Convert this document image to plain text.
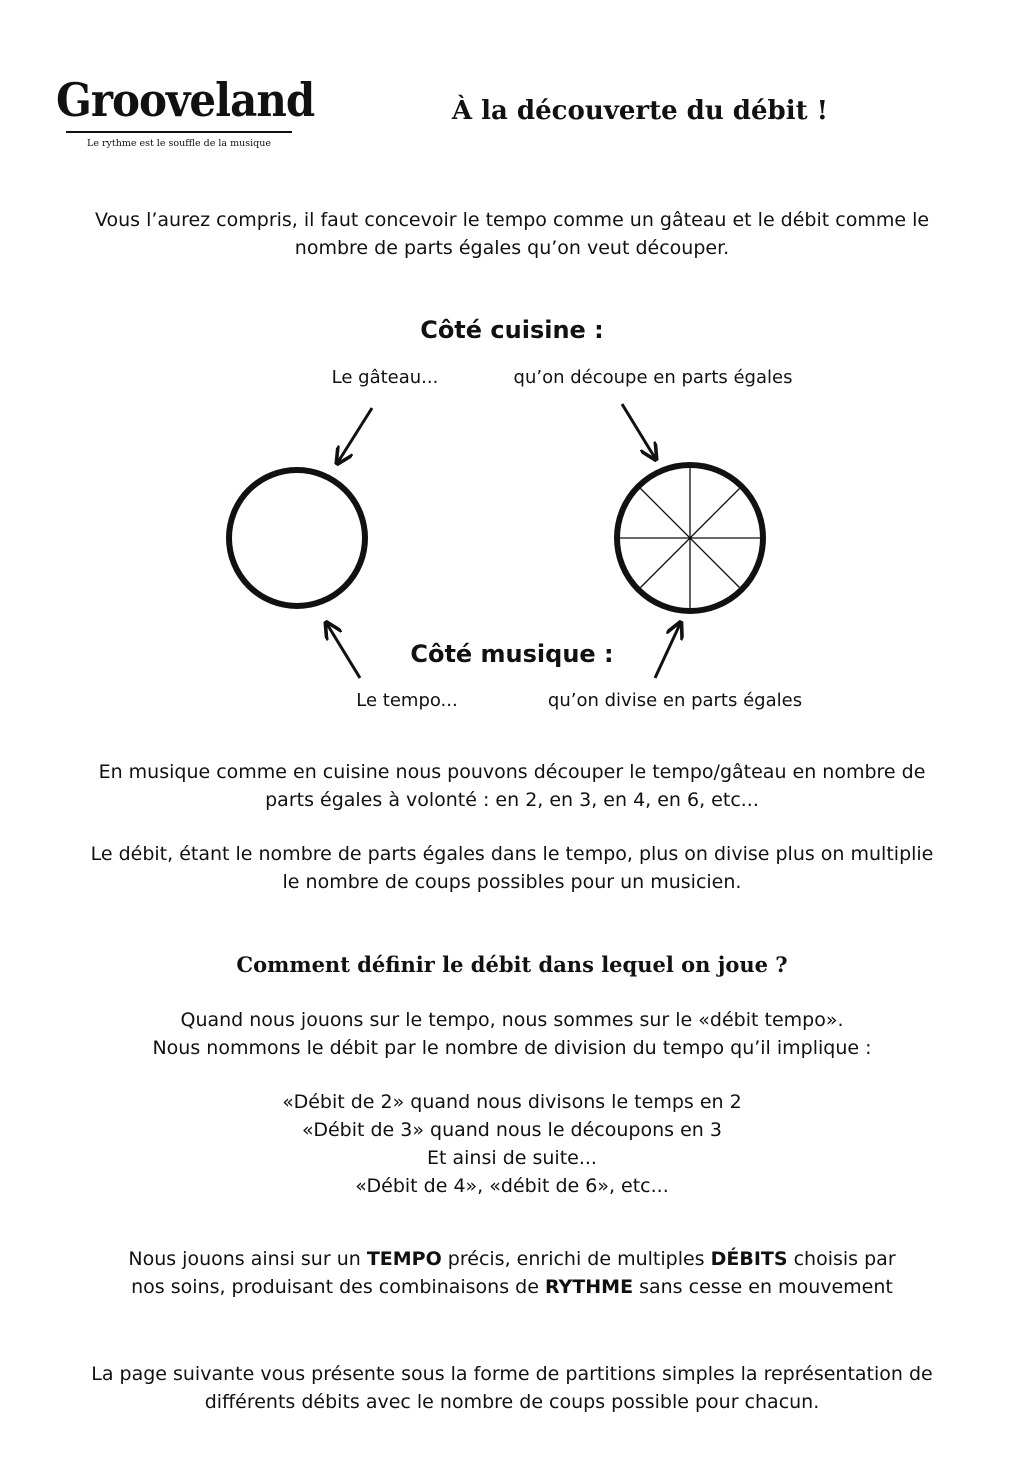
Grooveland
Le rythme est le souffle de la musique
À la découverte du débit !

Vous l’aurez compris, il faut concevoir le tempo comme un gâteau et le débit comme le

nombre de parts égales qu’on veut découper.

Côté cuisine :
Le gâteau...	qu’on découpe en parts égales
Côté musique :
Le tempo...	qu’on divise en parts égales

En musique comme en cuisine nous pouvons découper le tempo/gâteau en nombre de

parts égales à volonté : en 2, en 3, en 4, en 6, etc...

Le débit, étant le nombre de parts égales dans le tempo, plus on divise plus on multiplie

le nombre de coups possibles pour un musicien.

Comment définir le débit dans lequel on joue ?

Quand nous jouons sur le tempo, nous sommes sur le «débit tempo».

Nous nommons le débit par le nombre de division du tempo qu’il implique :

«Débit de 2» quand nous divisons le temps en 2

«Débit de 3» quand nous le découpons en 3

Et ainsi de suite...

«Débit de 4», «débit de 6», etc...

Nous jouons ainsi sur un TEMPO précis, enrichi de multiples DÉBITS choisis par

nos soins, produisant des combinaisons de RYTHME sans cesse en mouvement

La page suivante vous présente sous la forme de partitions simples la représentation de

différents débits avec le nombre de coups possible pour chacun.
